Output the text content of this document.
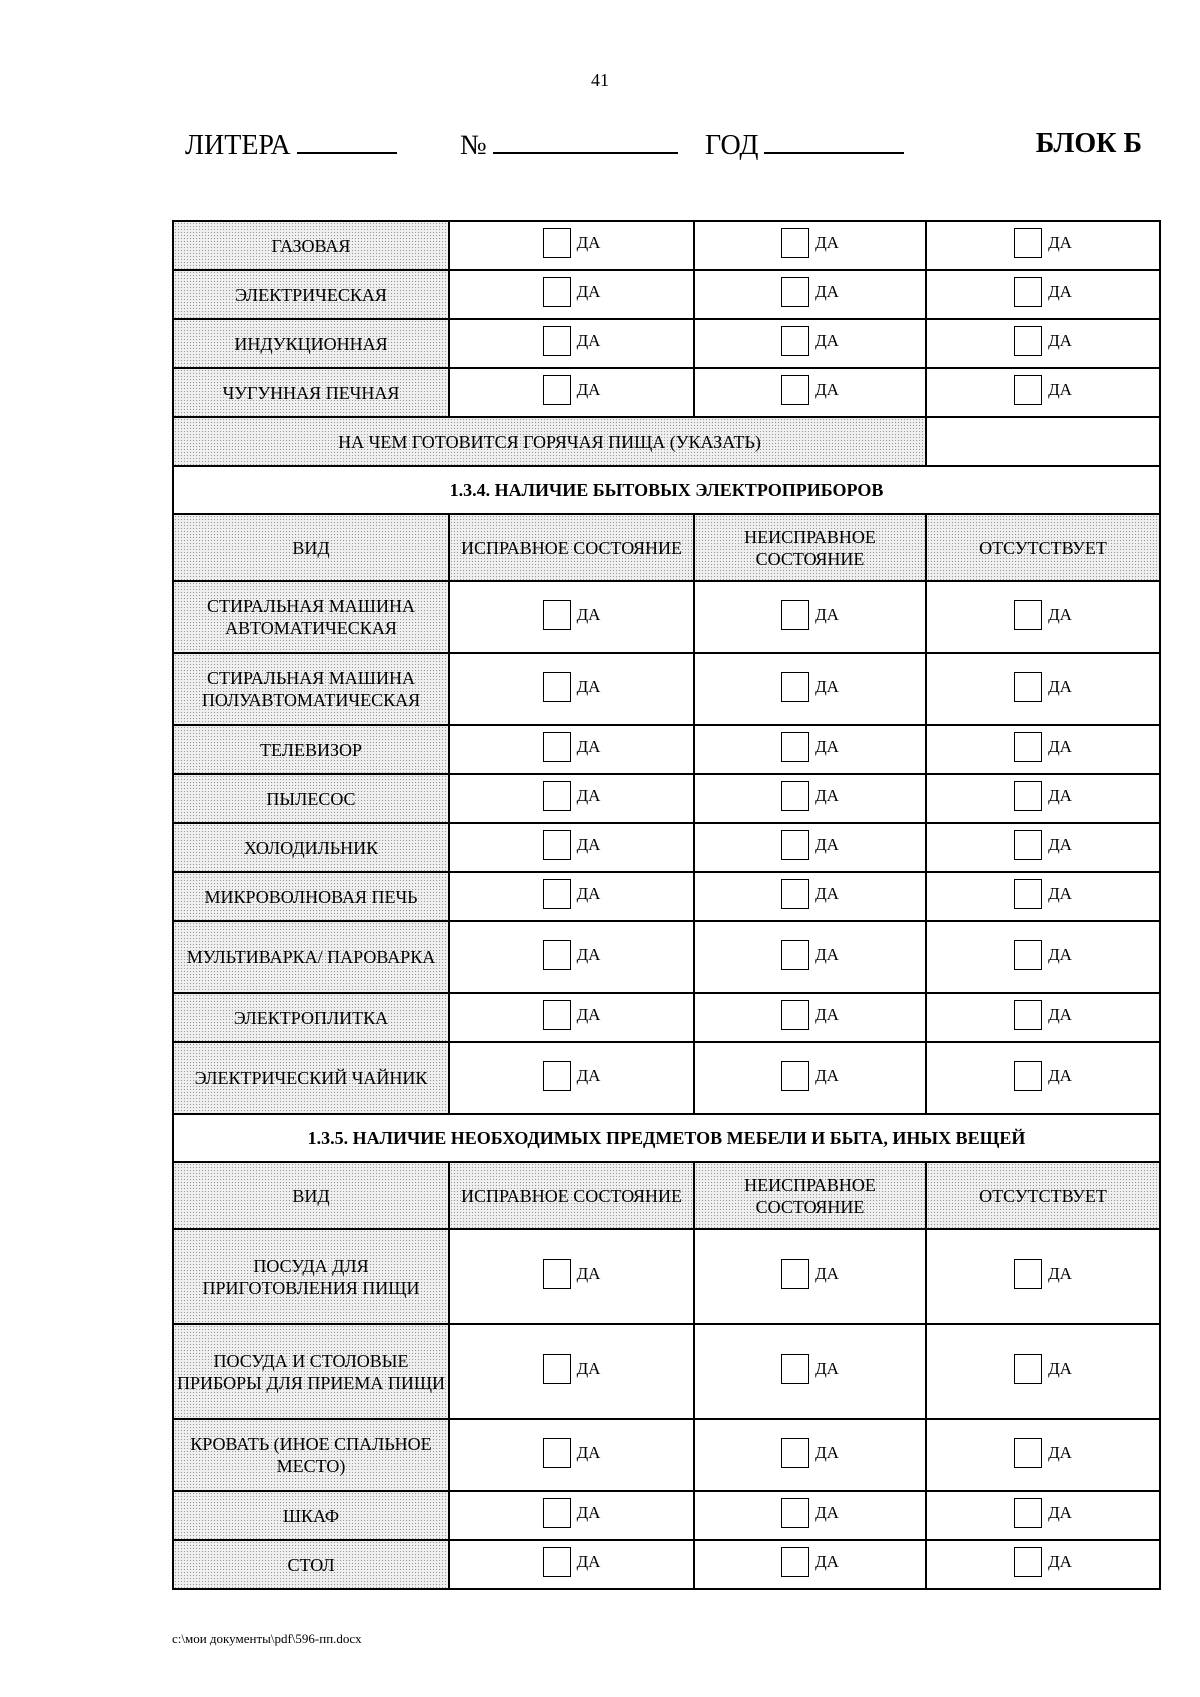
41
ЛИТЕРА	№	ГОД	БЛОК Б
ГАЗОВАЯ	ДА	ДА	ДА

ЭЛЕКТРИЧЕСКАЯ	ДА	ДА	ДА

ИНДУКЦИОННАЯ	ДА	ДА	ДА

ЧУГУННАЯ ПЕЧНАЯ	ДА	ДА	ДА

НА ЧЕМ ГОТОВИТСЯ ГОРЯЧАЯ ПИЩА (УКАЗАТЬ)			
1.3.4. НАЛИЧИЕ БЫТОВЫХ ЭЛЕКТРОПРИБОРОВ			
ВИД	ИСПРАВНОЕ СОСТОЯНИЕ	НЕИСПРАВНОЕ СОСТОЯНИЕ	ОТСУТСТВУЕТ
СТИРАЛЬНАЯ МАШИНА АВТОМАТИЧЕСКАЯ	ДА	ДА	ДА

СТИРАЛЬНАЯ МАШИНА ПОЛУАВТОМАТИЧЕСКАЯ	ДА	ДА	ДА

ТЕЛЕВИЗОР	ДА	ДА	ДА

ПЫЛЕСОС	ДА	ДА	ДА

ХОЛОДИЛЬНИК	ДА	ДА	ДА

МИКРОВОЛНОВАЯ ПЕЧЬ	ДА	ДА	ДА

МУЛЬТИВАРКА/ ПАРОВАРКА	ДА	ДА	ДА

ЭЛЕКТРОПЛИТКА	ДА	ДА	ДА

ЭЛЕКТРИЧЕСКИЙ ЧАЙНИК	ДА	ДА	ДА

1.3.5. НАЛИЧИЕ НЕОБХОДИМЫХ ПРЕДМЕТОВ МЕБЕЛИ И БЫТА, ИНЫХ ВЕЩЕЙ			
ВИД	ИСПРАВНОЕ СОСТОЯНИЕ	НЕИСПРАВНОЕ СОСТОЯНИЕ	ОТСУТСТВУЕТ
ПОСУДА ДЛЯ ПРИГОТОВЛЕНИЯ ПИЩИ	ДА	ДА	ДА

ПОСУДА И СТОЛОВЫЕ ПРИБОРЫ ДЛЯ ПРИЕМА ПИЩИ	ДА	ДА	ДА

КРОВАТЬ (ИНОЕ СПАЛЬНОЕ МЕСТО)	ДА	ДА	ДА

ШКАФ	ДА	ДА	ДА

СТОЛ	ДА	ДА	ДА
c:\мои документы\pdf\596-пп.docx
